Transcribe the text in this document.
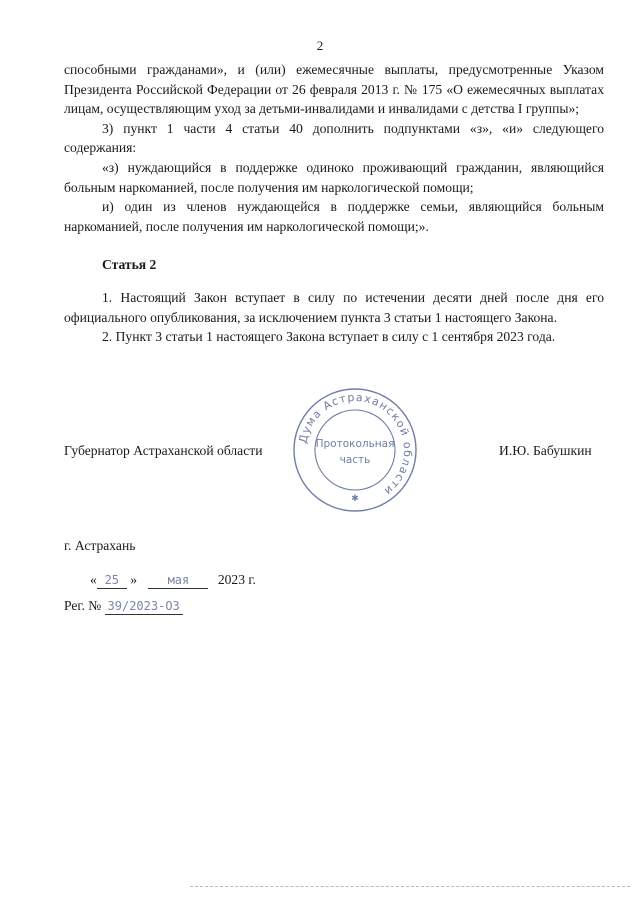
2

способными гражданами», и (или) ежемесячные выплаты, предусмотренные Указом Президента Российской Федерации от 26 февраля 2013 г. № 175 «О ежемесячных выплатах лицам, осуществляющим уход за детьми-инвалидами и инвалидами с детства I группы»;

3) пункт 1 части 4 статьи 40 дополнить подпунктами «з», «и» следующего содержания:

«з) нуждающийся в поддержке одиноко проживающий гражданин, являющийся больным наркоманией, после получения им наркологической помощи;

и) один из членов нуждающейся в поддержке семьи, являющийся больным наркоманией, после получения им наркологической помощи;».

Статья 2

1. Настоящий Закон вступает в силу по истечении десяти дней после дня его официального опубликования, за исключением пункта 3 статьи 1 настоящего Закона.

2. Пункт 3 статьи 1 настоящего Закона вступает в силу с 1 сентября 2023 года.

Губернатор Астраханской области	И.Ю. Бабушкин
Дума Астраханской области
Протокольная
часть
✱
г. Астрахань
« 25 »	мая 2023 г.
Рег. № 39/2023-ОЗ
